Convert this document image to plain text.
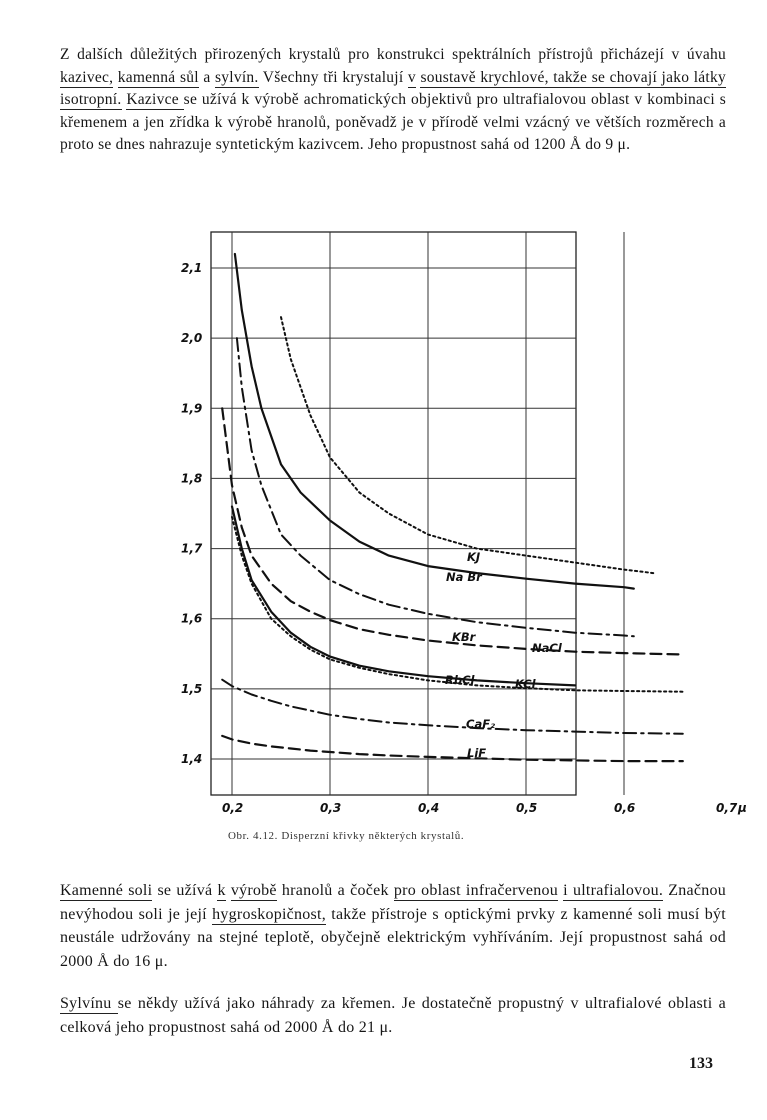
Z dalších důležitých přirozených krystalů pro konstrukci spektrálních přístrojů přicházejí v úvahu kazivec, kamenná sůl a sylvín. Všechny tři krystalují v soustavě krychlové, takže se chovají jako látky isotropní. Kazivce se užívá k výrobě achromatických objektivů pro ultrafialovou oblast v kombinaci s křemenem a jen zřídka k výrobě hranolů, poněvadž je v přírodě velmi vzácný ve větších rozměrech a proto se dnes nahrazuje syntetickým kazivcem. Jeho propustnost sahá od 1200 Å do 9 μ.

2,1
2,0
1,9
1,8
1,7
1,6
1,5
1,4
0,2	0,3	0,4	0,5	0,6	0,7 μ
KJ
Na Br
KBr
NaCl
RbCl	KCl
CaF₂
LiF
Obr. 4.12. Disperzní křivky některých krystalů.

Kamenné soli se užívá k výrobě hranolů a čoček pro oblast infračervenou i ultrafialovou. Značnou nevýhodou soli je její hygroskopičnost, takže přístroje s optickými prvky z kamenné soli musí být neustále udržovány na stejné teplotě, obyčejně elektrickým vyhříváním. Její propustnost sahá od 2000 Å do 16 μ.

Sylvínu se někdy užívá jako náhrady za křemen. Je dostatečně propustný v ultrafialové oblasti a celková jeho propustnost sahá od 2000 Å do 21 μ.

133
